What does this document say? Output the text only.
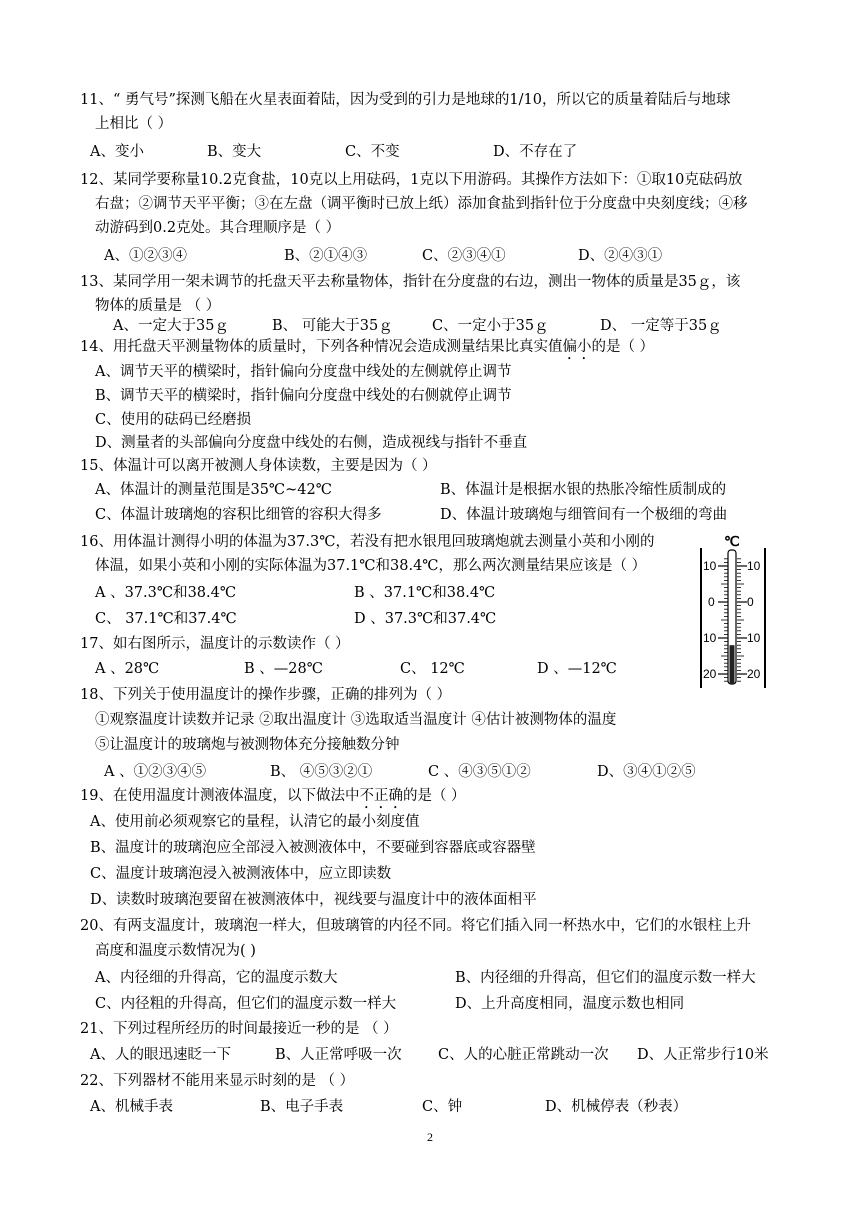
11、“ 勇气号”探测飞船在火星表面着陆，因为受到的引力是地球的1/10，所以它的质量着陆后与地球
上相比（ ）
A、变小	B、变大	C、不变	D、不存在了
12、某同学要称量10.2克食盐，10克以上用砝码，1克以下用游码。其操作方法如下：①取10克砝码放
右盘；②调节天平平衡；③在左盘（调平衡时已放上纸）添加食盐到指针位于分度盘中央刻度线；④移
动游码到0.2克处。其合理顺序是（ ）
A、①②③④	B、②①④③	C、②③④①	D、②④③①
13、某同学用一架未调节的托盘天平去称量物体，指针在分度盘的右边，测出一物体的质量是35ｇ，该
物体的质量是 （ ）
A、一定大于35ｇ	B、 可能大于35ｇ	C、一定小于35ｇ	D、 一定等于35ｇ
14、用托盘天平测量物体的质量时，下列各种情况会造成测量结果比真实值偏小的是（ ）
A、调节天平的横梁时，指针偏向分度盘中线处的左侧就停止调节
B、调节天平的横梁时，指针偏向分度盘中线处的右侧就停止调节
C、使用的砝码已经磨损
D、测量者的头部偏向分度盘中线处的右侧，造成视线与指针不垂直
15、体温计可以离开被测人身体读数，主要是因为（ ）
A、体温计的测量范围是35℃~42℃	B、体温计是根据水银的热胀冷缩性质制成的
C、体温计玻璃炮的容积比细管的容积大得多	D、体温计玻璃炮与细管间有一个极细的弯曲
16、用体温计测得小明的体温为37.3℃，若没有把水银甩回玻璃炮就去测量小英和小刚的
体温，如果小英和小刚的实际体温为37.1℃和38.4℃，那么两次测量结果应该是（ ）
A 、37.3℃和38.4℃	B 、37.1℃和38.4℃
C、 37.1℃和37.4℃	D 、37.3℃和37.4℃
17、如右图所示，温度计的示数读作（ ）
A 、28℃	B 、—28℃	C、 12℃	D 、—12℃
18、下列关于使用温度计的操作步骤，正确的排列为（ ）
①观察温度计读数并记录 ②取出温度计 ③选取适当温度计 ④估计被测物体的温度
⑤让温度计的玻璃炮与被测物体充分接触数分钟
A 、①②③④⑤	B、 ④⑤③②①	C 、④③⑤①②	D、③④①②⑤
19、在使用温度计测液体温度，以下做法中不正确的是（ ）
A、使用前必须观察它的量程，认清它的最小刻度值
B、温度计的玻璃泡应全部浸入被测液体中，不要碰到容器底或容器壁
C、温度计玻璃泡浸入被测液体中，应立即读数
D、读数时玻璃泡要留在被测液体中，视线要与温度计中的液体面相平
20、有两支温度计，玻璃泡一样大，但玻璃管的内径不同。将它们插入同一杯热水中，它们的水银柱上升
高度和温度示数情况为( )
A、内径细的升得高，它的温度示数大	B、内径细的升得高，但它们的温度示数一样大
C、内径粗的升得高，但它们的温度示数一样大	D、上升高度相同，温度示数也相同
21、下列过程所经历的时间最接近一秒的是 （ ）
A、人的眼迅速眨一下	B、人正常呼吸一次	C、人的心脏正常跳动一次 D、人正常步行10米
22、下列器材不能用来显示时刻的是 （ ）
A、机械手表	B、电子手表	C、钟	D、机械停表（秒表）
℃
10
0
10
20
10
0
10
20
2
